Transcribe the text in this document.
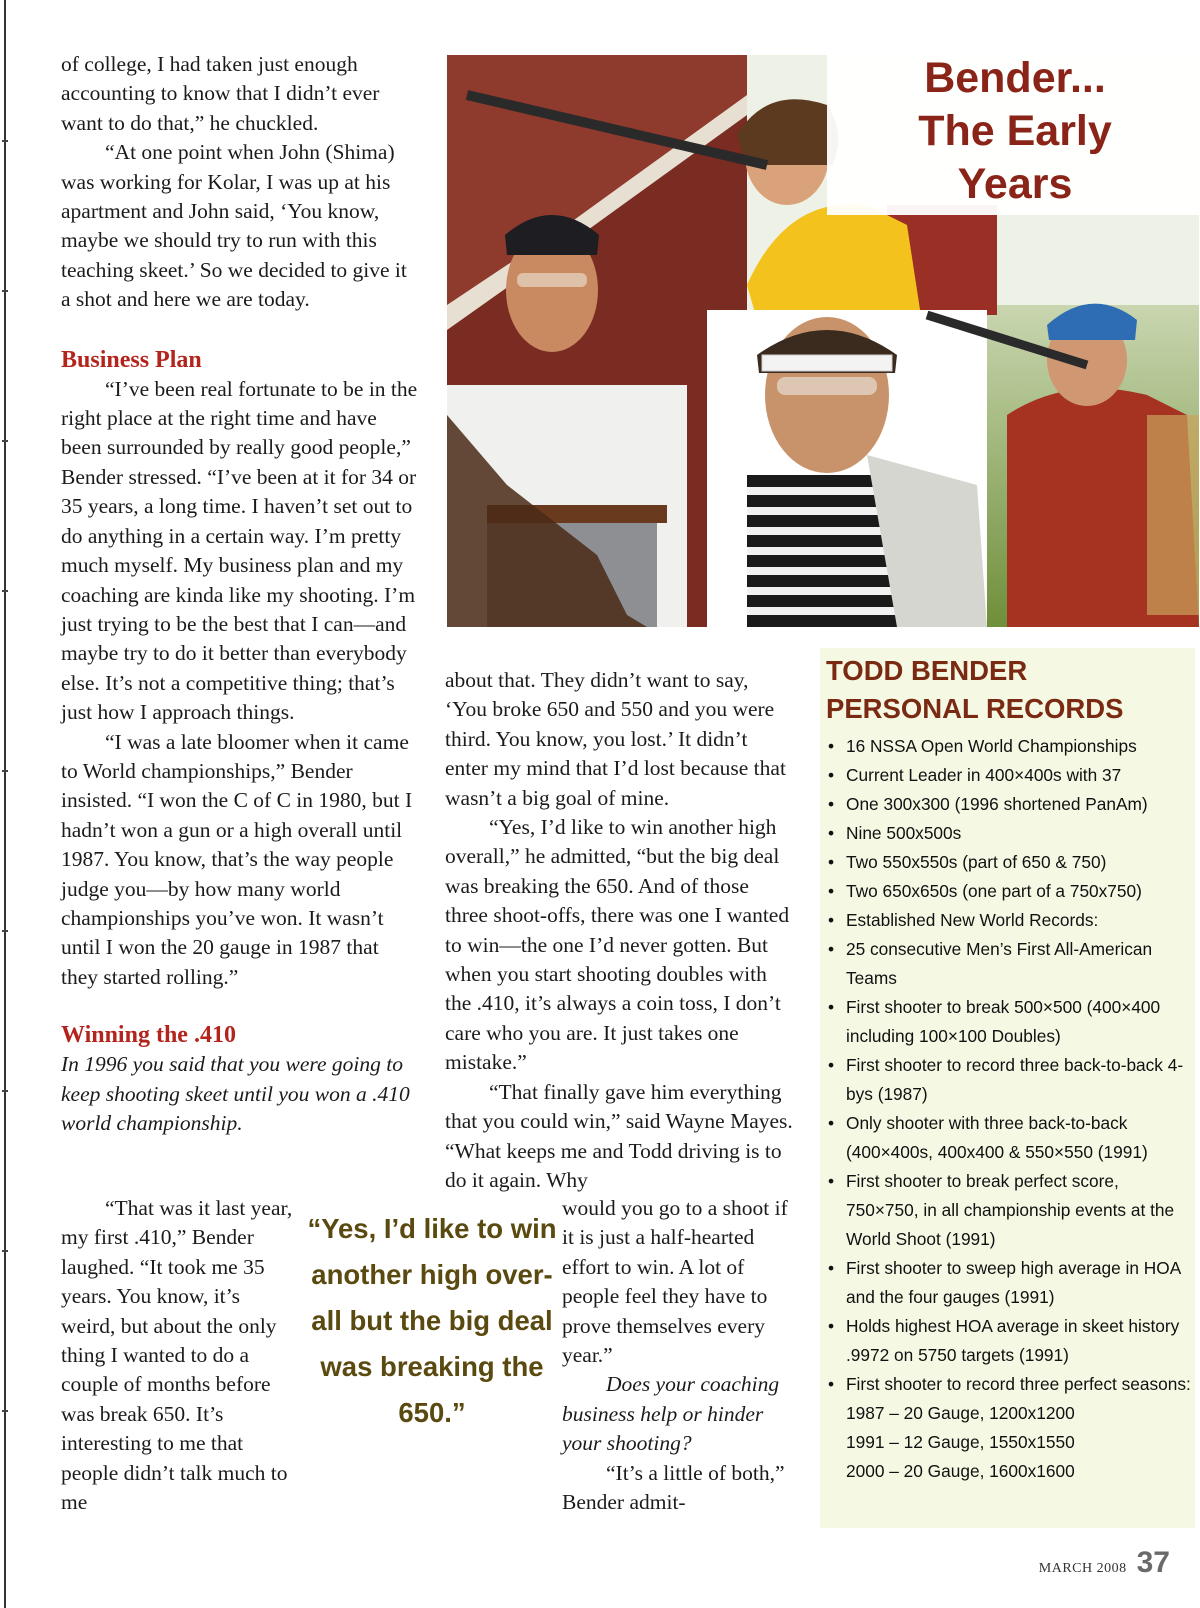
of college, I had taken just enough accounting to know that I didn’t ever want to do that,” he chuckled.

“At one point when John (Shima) was working for Kolar, I was up at his apartment and John said, ‘You know, maybe we should try to run with this teaching skeet.’ So we decided to give it a shot and here we are today.

Business Plan

“I’ve been real fortunate to be in the right place at the right time and have been surrounded by really good people,” Bender stressed. “I’ve been at it for 34 or 35 years, a long time. I haven’t set out to do anything in a certain way. I’m pretty much myself. My business plan and my coaching are kinda like my shooting. I’m just trying to be the best that I can—and maybe try to do it better than everybody else. It’s not a competitive thing; that’s just how I approach things.

“I was a late bloomer when it came to World championships,” Bender insisted. “I won the C of C in 1980, but I hadn’t won a gun or a high overall until 1987. You know, that’s the way people judge you—by how many world championships you’ve won. It wasn’t until I won the 20 gauge in 1987 that they started rolling.”

Winning the .410

In 1996 you said that you were going to keep shooting skeet until you won a .410 world championship.

“That was it last year, my first .410,” Bender laughed. “It took me 35 years. You know, it’s weird, but about the only thing I wanted to do a couple of months before was break 650. It’s interesting to me that people didn’t talk much to me

Bender...
The Early
Years

about that. They didn’t want to say, ‘You broke 650 and 550 and you were third. You know, you lost.’ It didn’t enter my mind that I’d lost because that wasn’t a big goal of mine.

“Yes, I’d like to win another high overall,” he admitted, “but the big deal was breaking the 650. And of those three shoot-offs, there was one I wanted to win—the one I’d never gotten. But when you start shooting doubles with the .410, it’s always a coin toss, I don’t care who you are. It just takes one mistake.”

“That finally gave him everything that you could win,” said Wayne Mayes. “What keeps me and Todd driving is to do it again. Why

“Yes, I’d like to win another high overall but the big deal was breaking the 650.”

would you go to a shoot if it is just a half-hearted effort to win. A lot of people feel they have to prove themselves every year.”

Does your coaching business help or hinder your shooting?

“It’s a little of both,” Bender admit-

TODD BENDER
PERSONAL RECORDS
• 16 NSSA Open World Championships
• Current Leader in 400×400s with 37
• One 300x300 (1996 shortened PanAm)
• Nine 500x500s
• Two 550x550s (part of 650 & 750)
• Two 650x650s (one part of a 750x750)
• Established New World Records:
• 25 consecutive Men’s First All-American Teams
• First shooter to break 500×500 (400×400 including 100×100 Doubles)
• First shooter to record three back-to-back 4-bys (1987)
• Only shooter with three back-to-back (400×400s, 400x400 & 550×550 (1991)
• First shooter to break perfect score, 750×750, in all championship events at the World Shoot (1991)
• First shooter to sweep high average in HOA and the four gauges (1991)
• Holds highest HOA average in skeet history .9972 on 5750 targets (1991)
• First shooter to record three perfect seasons:
1987 – 20 Gauge, 1200x1200
1991 – 12 Gauge, 1550x1550
2000 – 20 Gauge, 1600x1600
MARCH 2008 37
